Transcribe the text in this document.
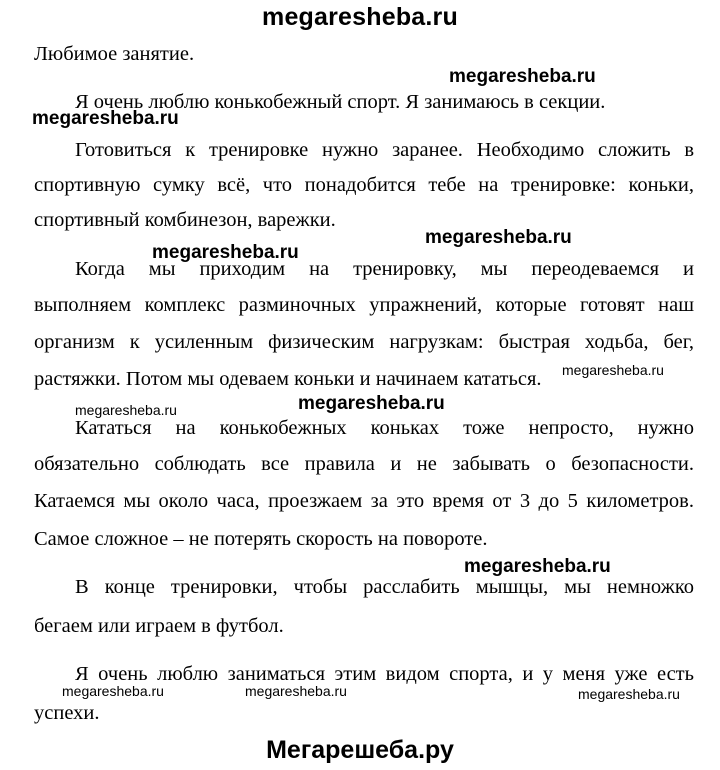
megaresheba.ru
Любимое занятие.
Я очень люблю конькобежный спорт. Я занимаюсь в секции.
Готовиться к тренировке нужно заранее. Необходимо сложить в
спортивную сумку всё, что понадобится тебе на тренировке: коньки,
спортивный комбинезон, варежки.
Когда мы приходим на тренировку, мы переодеваемся и
выполняем комплекс разминочных упражнений, которые готовят наш
организм к усиленным физическим нагрузкам: быстрая ходьба, бег,
растяжки. Потом мы одеваем коньки и начинаем кататься.
Кататься на конькобежных коньках тоже непросто, нужно
обязательно соблюдать все правила и не забывать о безопасности.
Катаемся мы около часа, проезжаем за это время от 3 до 5 километров.
Самое сложное – не потерять скорость на повороте.
В конце тренировки, чтобы расслабить мышцы, мы немножко
бегаем или играем в футбол.
Я очень люблю заниматься этим видом спорта, и у меня уже есть
успехи.
megaresheba.ru
megaresheba.ru
megaresheba.ru
megaresheba.ru
megaresheba.ru
megaresheba.ru	megaresheba.ru
megaresheba.ru
megaresheba.ru	megaresheba.ru	megaresheba.ru
Мегарешеба.ру
